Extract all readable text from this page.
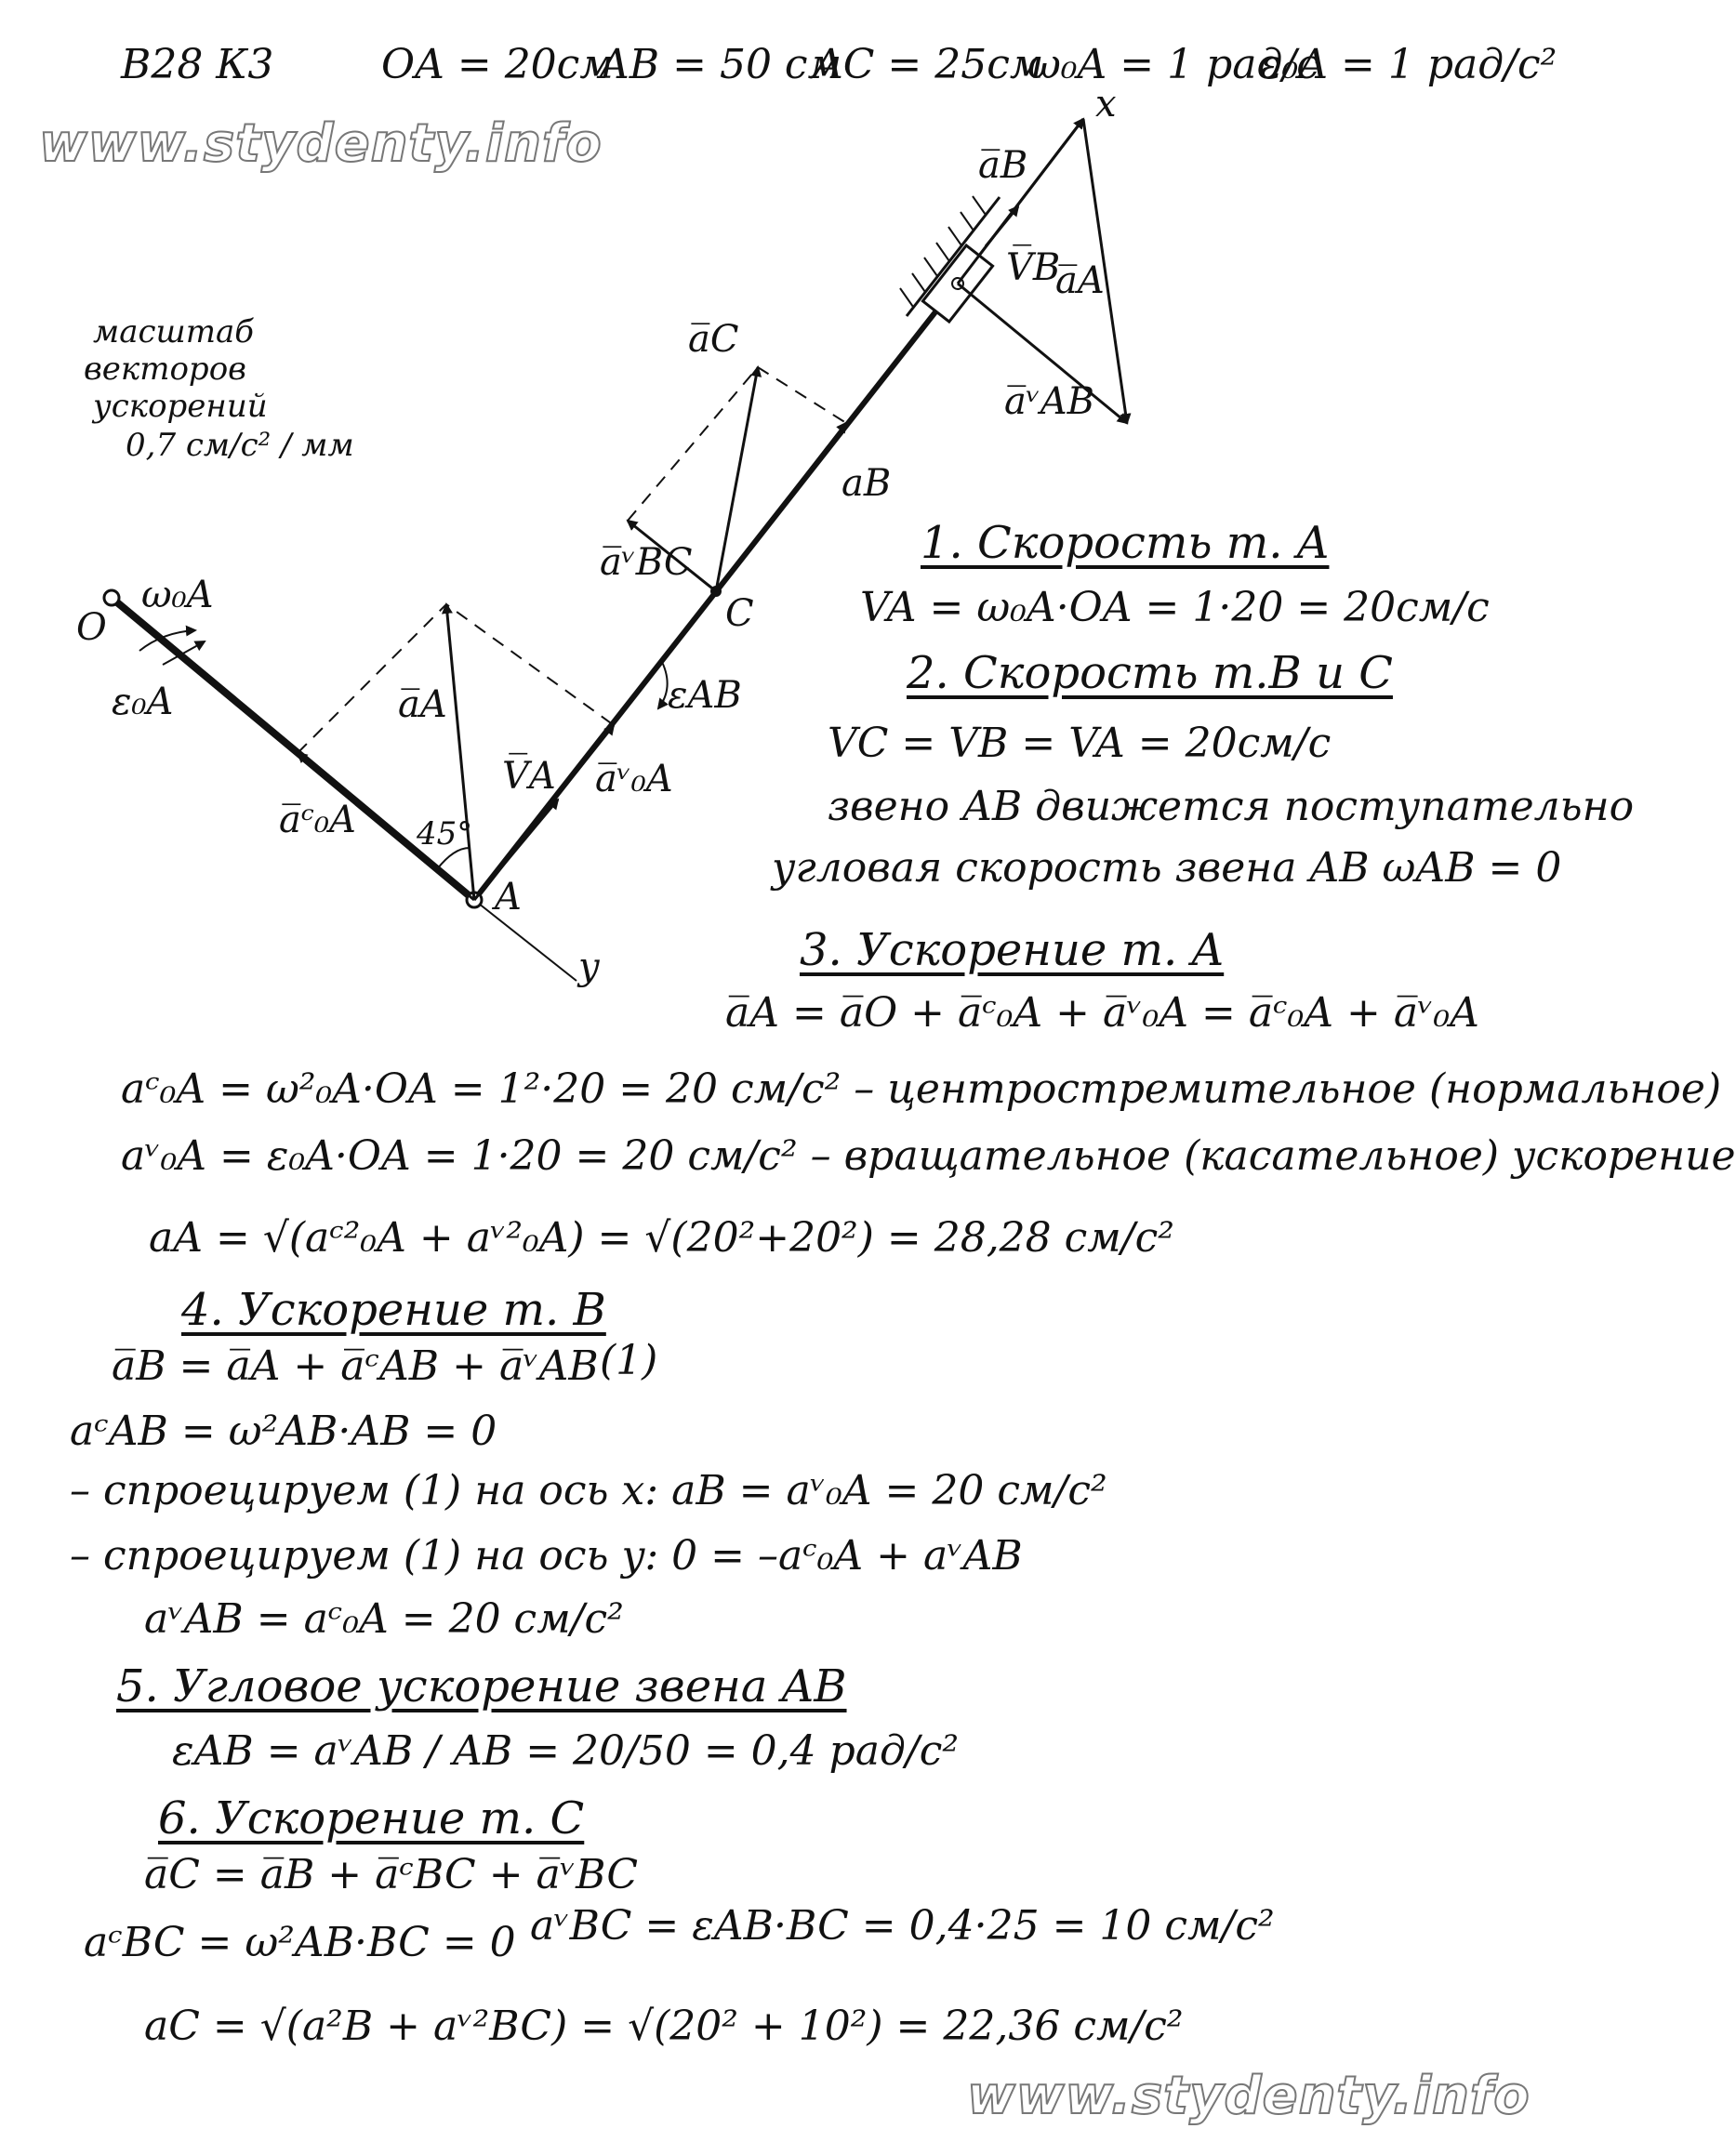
В28 К3	OA = 20см
AB = 50 см
AC = 25см
ω₀A = 1 рад/с
ε₀A = 1 рад/с²
www.stydenty.info
www.stydenty.info
масштаб
векторов
ускорений
0,7 см/с² / мм
O
A
C
x
y
45°
ω₀A
ε₀A	εAB
a̅A
V̅A a̅ᵛ₀A
a̅ᶜ₀A
a̅C
a̅ᵛBC
aB
a̅B
V̅B
a̅A
a̅ᵛAB
1. Скорость т. A
VA = ω₀A·OA = 1·20 = 20см/с
2. Скорость т.B и C
VC = VB = VA = 20см/с
звено AB движется поступательно
угловая скорость звена AB ωAB = 0
3. Ускорение т. A
a̅A = a̅O + a̅ᶜ₀A + a̅ᵛ₀A = a̅ᶜ₀A + a̅ᵛ₀A
aᶜ₀A = ω²₀A·OA = 1²·20 = 20 см/с² – центростремительное (нормальное)
aᵛ₀A = ε₀A·OA = 1·20 = 20 см/с² – вращательное (касательное) ускорение
aA = √(aᶜ²₀A + aᵛ²₀A) = √(20²+20²) = 28,28 см/с²
4. Ускорение т. B
a̅B = a̅A + a̅ᶜAB + a̅ᵛAB (1)
aᶜAB = ω²AB·AB = 0
– спроецируем (1) на ось x: aB = aᵛ₀A = 20 см/с²
– спроецируем (1) на ось y: 0 = –aᶜ₀A + aᵛAB
aᵛAB = aᶜ₀A = 20 см/с²
5. Угловое ускорение звена AB
εAB = aᵛAB / AB = 20/50 = 0,4 рад/с²
6. Ускорение т. C
a̅C = a̅B + a̅ᶜBC + a̅ᵛBC
aᶜBC = ω²AB·BC = 0 aᵛBC = εAB·BC = 0,4·25 = 10 см/с²
aC = √(a²B + aᵛ²BC) = √(20² + 10²) = 22,36 см/с²
